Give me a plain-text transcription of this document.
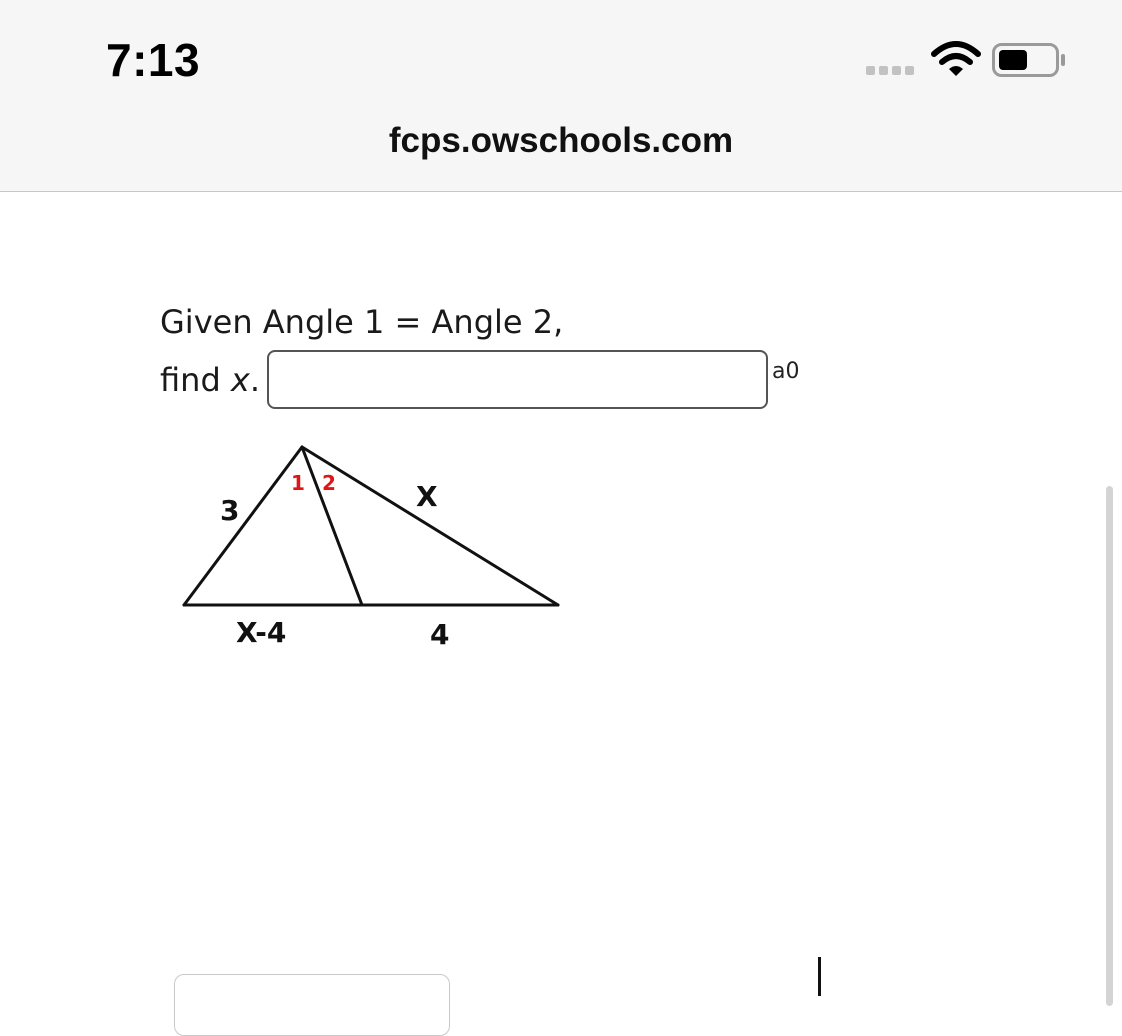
7:13
fcps.owschools.com
Given Angle 1 = Angle 2,
find x.	a0
3	X
X-4	4
1 2
